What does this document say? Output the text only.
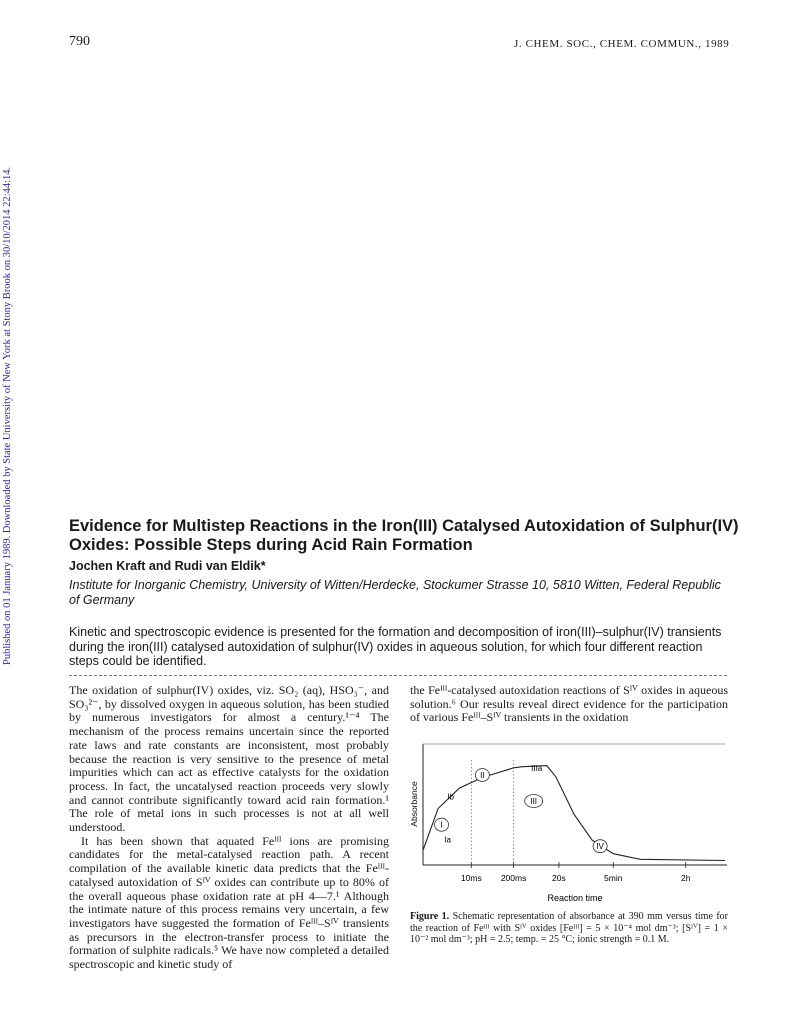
790	J. CHEM. SOC., CHEM. COMMUN., 1989
Published on 01 January 1989. Downloaded by State University of New York at Stony Brook on 30/10/2014 22:44:14.	Evidence for Multistep Reactions in the Iron(III) Catalysed Autoxidation of Sulphur(IV) Oxides: Possible Steps during Acid Rain Formation
Jochen Kraft and Rudi van Eldik*
Institute for Inorganic Chemistry, University of Witten/Herdecke, Stockumer Strasse 10, 5810 Witten, Federal Republic of Germany
Kinetic and spectroscopic evidence is presented for the formation and decomposition of iron(III)–sulphur(IV) transients during the iron(III) catalysed autoxidation of sulphur(IV) oxides in aqueous solution, for which four different reaction steps could be identified.

The oxidation of sulphur(IV) oxides, viz. SO₂ (aq), HSO₃⁻, and SO₃²⁻, by dissolved oxygen in aqueous solution, has been studied by numerous investigators for almost a century.¹⁻⁴ The mechanism of the process remains uncertain since the reported rate laws and rate constants are inconsistent, most probably because the reaction is very sensitive to the presence of metal impurities which can act as effective catalysts for the oxidation process. In fact, the uncatalysed reaction proceeds very slowly and cannot contribute significantly toward acid rain formation.¹ The role of metal ions in such processes is not at all well understood.

It has been shown that aquated Feᴵᴵᴵ ions are promising candidates for the metal-catalysed reaction path. A recent compilation of the available kinetic data predicts that the Feᴵᴵᴵ-catalysed autoxidation of Sᴵⱽ oxides can contribute up to 80% of the overall aqueous phase oxidation rate at pH 4—7.¹ Although the intimate nature of this process remains very uncertain, a few investigators have suggested the formation of Feᴵᴵᴵ–Sᴵⱽ transients as precursors in the electron-transfer process to initiate the formation of sulphite radicals.⁵ We have now completed a detailed spectroscopic and kinetic study of

the Feᴵᴵᴵ-catalysed autoxidation reactions of Sᴵⱽ oxides in aqueous solution.⁶ Our results reveal direct evidence for the participation of various Feᴵᴵᴵ–Sᴵⱽ transients in the oxidation
Absorbance
Reaction time
10ms 200ms	20s	5min	2h
I
Ia
Ib
II
IIIa
III
IV
Figure 1. Schematic representation of absorbance at 390 mm versus time for the reaction of Feᴵᴵᴵ with Sᴵⱽ oxides [Feᴵᴵᴵ] = 5 × 10⁻⁴ mol dm⁻³; [Sᴵⱽ] = 1 × 10⁻² mol dm⁻³; pH = 2.5; temp. = 25 °C; ionic strength = 0.1 M.
